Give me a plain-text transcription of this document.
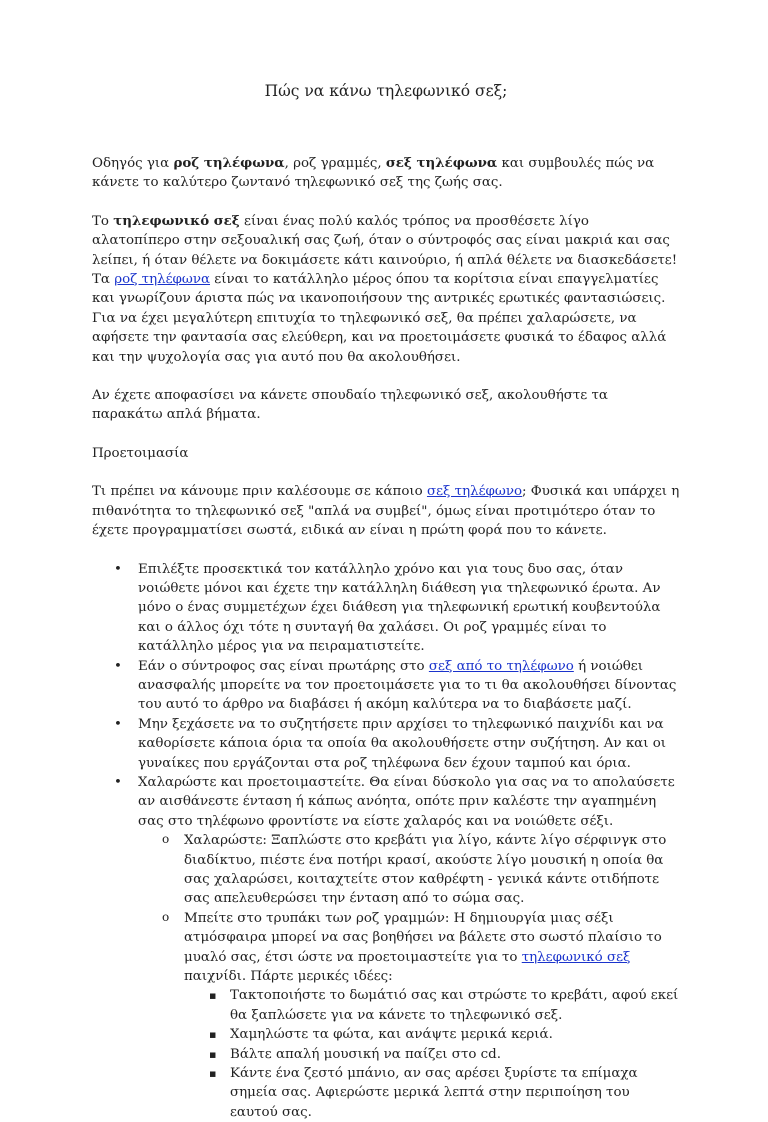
Πώς να κάνω τηλεφωνικό σεξ;

Οδηγός για ροζ τηλέφωνα, ροζ γραμμές, σεξ τηλέφωνα και συμβουλές πώς να κάνετε το καλύτερο ζωντανό τηλεφωνικό σεξ της ζωής σας.

Το τηλεφωνικό σεξ είναι ένας πολύ καλός τρόπος να προσθέσετε λίγο αλατοπίπερο στην σεξουαλική σας ζωή, όταν ο σύντροφός σας είναι μακριά και σας λείπει, ή όταν θέλετε να δοκιμάσετε κάτι καινούριο, ή απλά θέλετε να διασκεδάσετε! Τα ροζ τηλέφωνα είναι το κατάλληλο μέρος όπου τα κορίτσια είναι επαγγελματίες και γνωρίζουν άριστα πώς να ικανοποιήσουν της αντρικές ερωτικές φαντασιώσεις. Για να έχει μεγαλύτερη επιτυχία το τηλεφωνικό σεξ, θα πρέπει χαλαρώσετε, να αφήσετε την φαντασία σας ελεύθερη, και να προετοιμάσετε φυσικά το έδαφος αλλά και την ψυχολογία σας για αυτό που θα ακολουθήσει.

Αν έχετε αποφασίσει να κάνετε σπουδαίο τηλεφωνικό σεξ, ακολουθήστε τα παρακάτω απλά βήματα.

Προετοιμασία

Τι πρέπει να κάνουμε πριν καλέσουμε σε κάποιο σεξ τηλέφωνο; Φυσικά και υπάρχει η πιθανότητα το τηλεφωνικό σεξ "απλά να συμβεί", όμως είναι προτιμότερο όταν το έχετε προγραμματίσει σωστά, ειδικά αν είναι η πρώτη φορά που το κάνετε.

• Επιλέξτε προσεκτικά τον κατάλληλο χρόνο και για τους δυο σας, όταν νοιώθετε μόνοι και έχετε την κατάλληλη διάθεση για τηλεφωνικό έρωτα. Αν μόνο ο ένας συμμετέχων έχει διάθεση για τηλεφωνική ερωτική κουβεντούλα και ο άλλος όχι τότε η συνταγή θα χαλάσει. Οι ροζ γραμμές είναι το κατάλληλο μέρος για να πειραματιστείτε.
• Εάν ο σύντροφος σας είναι πρωτάρης στο σεξ από το τηλέφωνο ή νοιώθει ανασφαλής μπορείτε να τον προετοιμάσετε για το τι θα ακολουθήσει δίνοντας του αυτό το άρθρο να διαβάσει ή ακόμη καλύτερα να το διαβάσετε μαζί.
• Μην ξεχάσετε να το συζητήσετε πριν αρχίσει το τηλεφωνικό παιχνίδι και να καθορίσετε κάποια όρια τα οποία θα ακολουθήσετε στην συζήτηση. Αν και οι γυναίκες που εργάζονται στα ροζ τηλέφωνα δεν έχουν ταμπού και όρια.
• Χαλαρώστε και προετοιμαστείτε. Θα είναι δύσκολο για σας να το απολαύσετε αν αισθάνεστε ένταση ή κάπως ανόητα, οπότε πριν καλέστε την αγαπημένη σας στο τηλέφωνο φροντίστε να είστε χαλαρός και να νοιώθετε σέξι.
o Χαλαρώστε: Ξαπλώστε στο κρεβάτι για λίγο, κάντε λίγο σέρφινγκ στο διαδίκτυο, πιέστε ένα ποτήρι κρασί, ακούστε λίγο μουσική η οποία θα σας χαλαρώσει, κοιταχτείτε στον καθρέφτη - γενικά κάντε οτιδήποτε σας απελευθερώσει την ένταση από το σώμα σας.
o Μπείτε στο τρυπάκι των ροζ γραμμών: Η δημιουργία μιας σέξι ατμόσφαιρα μπορεί να σας βοηθήσει να βάλετε στο σωστό πλαίσιο το μυαλό σας, έτσι ώστε να προετοιμαστείτε για το τηλεφωνικό σεξ παιχνίδι. Πάρτε μερικές ιδέες:
▪ Τακτοποιήστε το δωμάτιό σας και στρώστε το κρεβάτι, αφού εκεί θα ξαπλώσετε για να κάνετε το τηλεφωνικό σεξ.
▪ Χαμηλώστε τα φώτα, και ανάψτε μερικά κεριά.
▪ Βάλτε απαλή μουσική να παίζει στο cd.
▪ Κάντε ένα ζεστό μπάνιο, αν σας αρέσει ξυρίστε τα επίμαχα σημεία σας. Αφιερώστε μερικά λεπτά στην περιποίηση του εαυτού σας.
